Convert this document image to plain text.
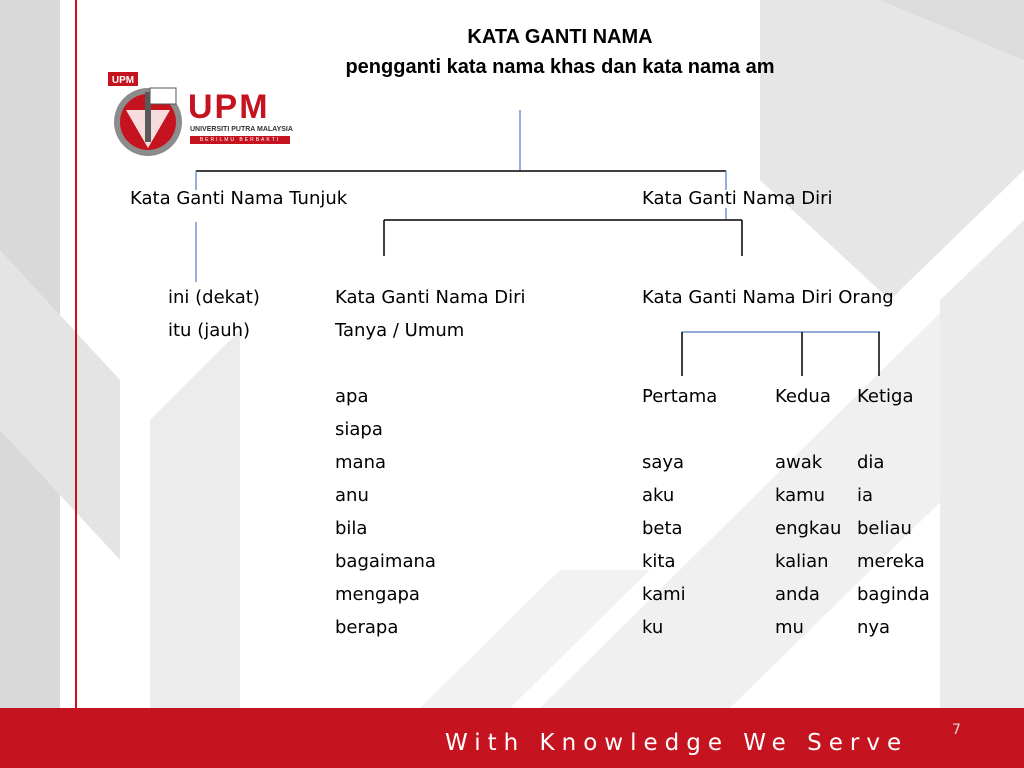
UPM
UPM
UNIVERSITI PUTRA MALAYSIA
BERILMU BERBAKTI
KATA GANTI NAMA
pengganti kata nama khas dan kata nama am
Kata Ganti Nama Tunjuk	Kata Ganti Nama Diri
ini (dekat)
itu (jauh)
Kata Ganti Nama Diri
Tanya / Umum
apa
siapa
mana
anu
bila
bagaimana
mengapa
berapa
Kata Ganti Nama Diri Orang
Pertama
saya
aku
beta
kita
kami
ku
Kedua
awak
kamu
engkau
kalian
anda
mu
Ketiga
dia
ia
beliau
mereka
baginda
nya
With Knowledge We Serve	7
